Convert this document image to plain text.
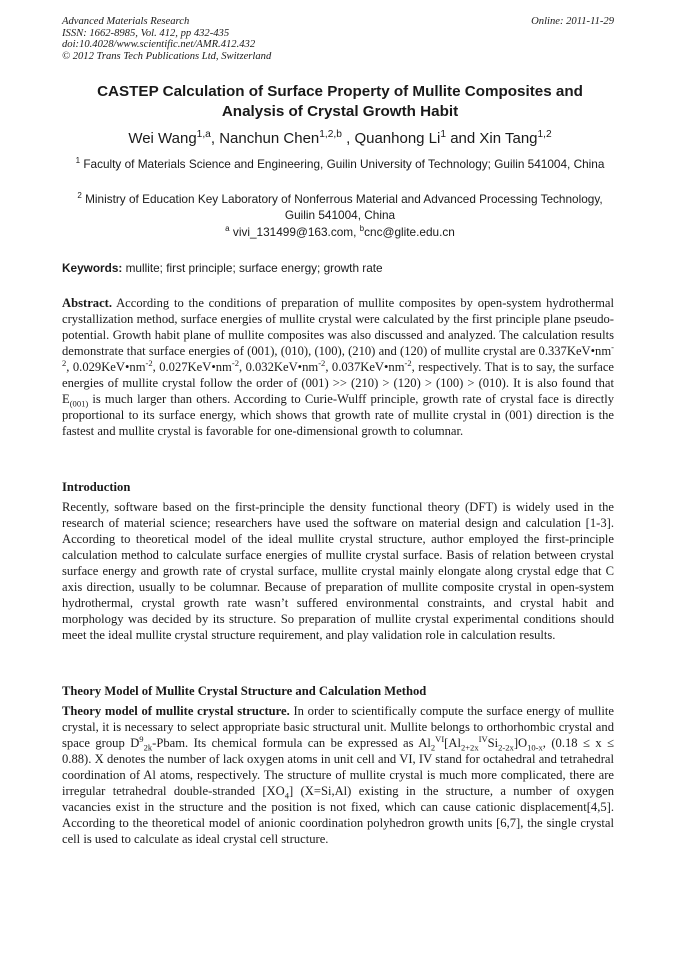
Advanced Materials Research
ISSN: 1662-8985, Vol. 412, pp 432-435
doi:10.4028/www.scientific.net/AMR.412.432
© 2012 Trans Tech Publications Ltd, Switzerland
Online: 2011-11-29
CASTEP Calculation of Surface Property of Mullite Composites and
Analysis of Crystal Growth Habit
Wei Wang$^{1,a}$, Nanchun Chen$^{1,2,b}$ , Quanhong Li$^1$ and Xin Tang$^{1,2}$
$^1$ Faculty of Materials Science and Engineering, Guilin University of Technology; Guilin 541004, China
$^2$ Ministry of Education Key Laboratory of Nonferrous Material and Advanced Processing Technology, Guilin 541004, China
$^a$ vivi_131499@163.com, $^b$cnc@glite.edu.cn
Keywords: mullite; first principle; surface energy; growth rate
Abstract. According to the conditions of preparation of mullite composites by open-system hydrothermal crystallization method, surface energies of mullite crystal were calculated by the first principle plane pseudo-potential. Growth habit plane of mullite composites was also discussed and analyzed. The calculation results demonstrate that surface energies of (001), (010), (100), (210) and (120) of mullite crystal are $0.337KeV•nm^{-2}$, $0.029KeV•nm^{-2}$, $0.027KeV•nm^{-2}$, $0.032KeV•nm^{-2}$, $0.037KeV•nm^{-2}$, respectively. That is to say, the surface energies of mullite crystal follow the order of (001) >> (210) > (120) > (100) > (010). It is also found that $E_{(001)}$ is much larger than others. According to Curie-Wulff principle, growth rate of crystal face is directly proportional to its surface energy, which shows that growth rate of mullite crystal in (001) direction is the fastest and mullite crystal is favorable for one-dimensional growth to columnar.
Introduction
Recently, software based on the first-principle the density functional theory (DFT) is widely used in the research of material science; researchers have used the software on material design and calculation [1-3]. According to theoretical model of the ideal mullite crystal structure, author employed the first-principle calculation method to calculate surface energies of mullite crystal surface. Basis of relation between crystal surface energy and growth rate of crystal surface, mullite crystal mainly elongate along crystal edge that C axis direction, usually to be columnar. Because of preparation of mullite composite crystal in open-system hydrothermal, crystal growth rate wasn’t suffered environmental constraints, and crystal habit and morphology was decided by its structure. So preparation of mullite crystal experimental conditions should meet the ideal mullite crystal structure requirement, and play validation role in calculation results.
Theory Model of Mullite Crystal Structure and Calculation Method
Theory model of mullite crystal structure. In order to scientifically compute the surface energy of mullite crystal, it is necessary to select appropriate basic structural unit. Mullite belongs to orthorhombic crystal and space group $D^9_{2k}$-Pbam. Its chemical formula can be expressed as $Al_2^{VI}[Al_{2+2x}^{IV}Si_{2-2x}]O_{10-x}$, (0.18 ≤ x ≤ 0.88). X denotes the number of lack oxygen atoms in unit cell and VI, IV stand for octahedral and tetrahedral coordination of Al atoms, respectively. The structure of mullite crystal is much more complicated, there are irregular tetrahedral double-stranded $[XO_4]$ (X=Si,Al) existing in the structure, a number of oxygen vacancies exist in the structure and the position is not fixed, which can cause cationic displacement[4,5]. According to the theoretical model of anionic coordination polyhedron growth units [6,7], the single crystal cell is used to calculate as ideal crystal cell structure.
